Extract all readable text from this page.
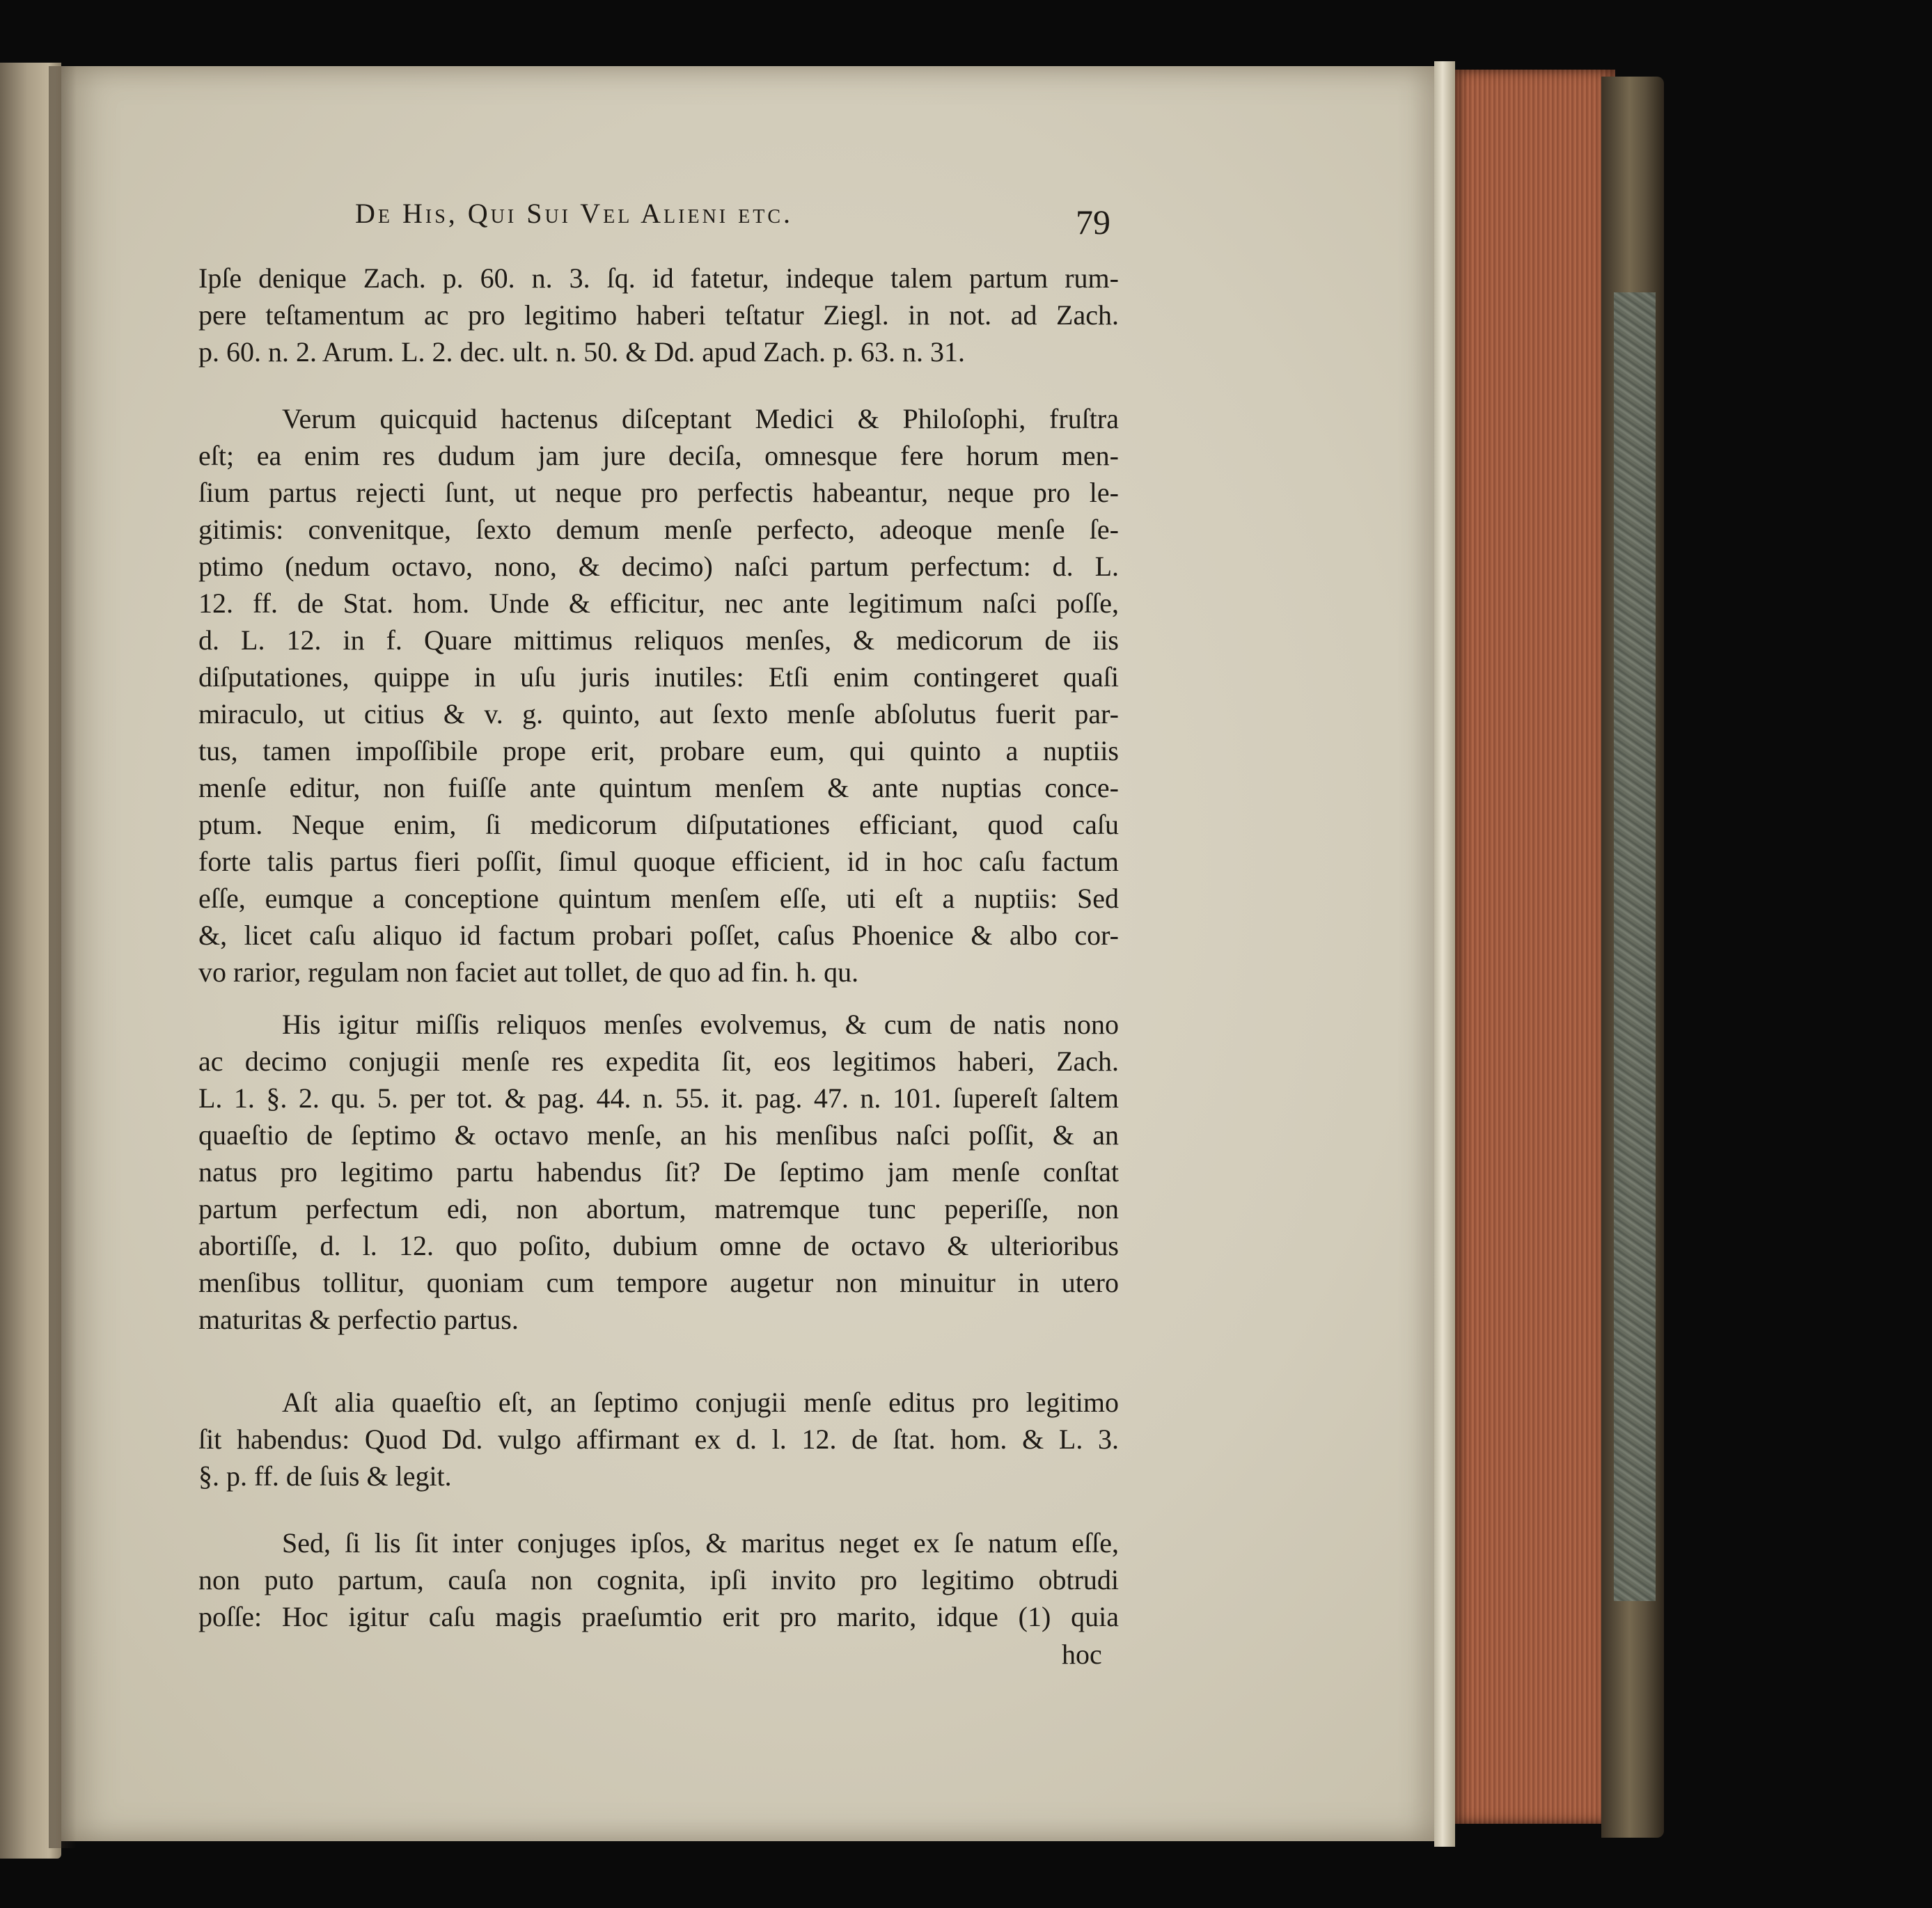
De His, Qui Sui Vel Alieni etc.	79
Ipſe denique Zach. p. 60. n. 3. ſq. id fatetur, indeque talem partum rum-
pere teſtamentum ac pro legitimo haberi teſtatur Ziegl. in not. ad Zach.
p. 60. n. 2. Arum. L. 2. dec. ult. n. 50. & Dd. apud Zach. p. 63. n. 31.
Verum quicquid hactenus diſceptant Medici & Philoſophi, fruſtra
eſt; ea enim res dudum jam jure deciſa, omnesque fere horum men-
ſium partus rejecti ſunt, ut neque pro perfectis habeantur, neque pro le-
gitimis: convenitque, ſexto demum menſe perfecto, adeoque menſe ſe-
ptimo (nedum octavo, nono, & decimo) naſci partum perfectum: d. L.
12. ff. de Stat. hom. Unde & efficitur, nec ante legitimum naſci poſſe,
d. L. 12. in f. Quare mittimus reliquos menſes, & medicorum de iis
diſputationes, quippe in uſu juris inutiles: Etſi enim contingeret quaſi
miraculo, ut citius & v. g. quinto, aut ſexto menſe abſolutus fuerit par-
tus, tamen impoſſibile prope erit, probare eum, qui quinto a nuptiis
menſe editur, non fuiſſe ante quintum menſem & ante nuptias conce-
ptum. Neque enim, ſi medicorum diſputationes efficiant, quod caſu
forte talis partus fieri poſſit, ſimul quoque efficient, id in hoc caſu factum
eſſe, eumque a conceptione quintum menſem eſſe, uti eſt a nuptiis: Sed
&, licet caſu aliquo id factum probari poſſet, caſus Phoenice & albo cor-
vo rarior, regulam non faciet aut tollet, de quo ad fin. h. qu.
His igitur miſſis reliquos menſes evolvemus, & cum de natis nono
ac decimo conjugii menſe res expedita ſit, eos legitimos haberi, Zach.
L. 1. §. 2. qu. 5. per tot. & pag. 44. n. 55. it. pag. 47. n. 101. ſupereſt ſaltem
quaeſtio de ſeptimo & octavo menſe, an his menſibus naſci poſſit, & an
natus pro legitimo partu habendus ſit? De ſeptimo jam menſe conſtat
partum perfectum edi, non abortum, matremque tunc peperiſſe, non
abortiſſe, d. l. 12. quo poſito, dubium omne de octavo & ulterioribus
menſibus tollitur, quoniam cum tempore augetur non minuitur in utero
maturitas & perfectio partus.
Aſt alia quaeſtio eſt, an ſeptimo conjugii menſe editus pro legitimo
ſit habendus: Quod Dd. vulgo affirmant ex d. l. 12. de ſtat. hom. & L. 3.
§. p. ff. de ſuis & legit.
Sed, ſi lis ſit inter conjuges ipſos, & maritus neget ex ſe natum eſſe,
non puto partum, cauſa non cognita, ipſi invito pro legitimo obtrudi
poſſe: Hoc igitur caſu magis praeſumtio erit pro marito, idque (1) quia
hoc
